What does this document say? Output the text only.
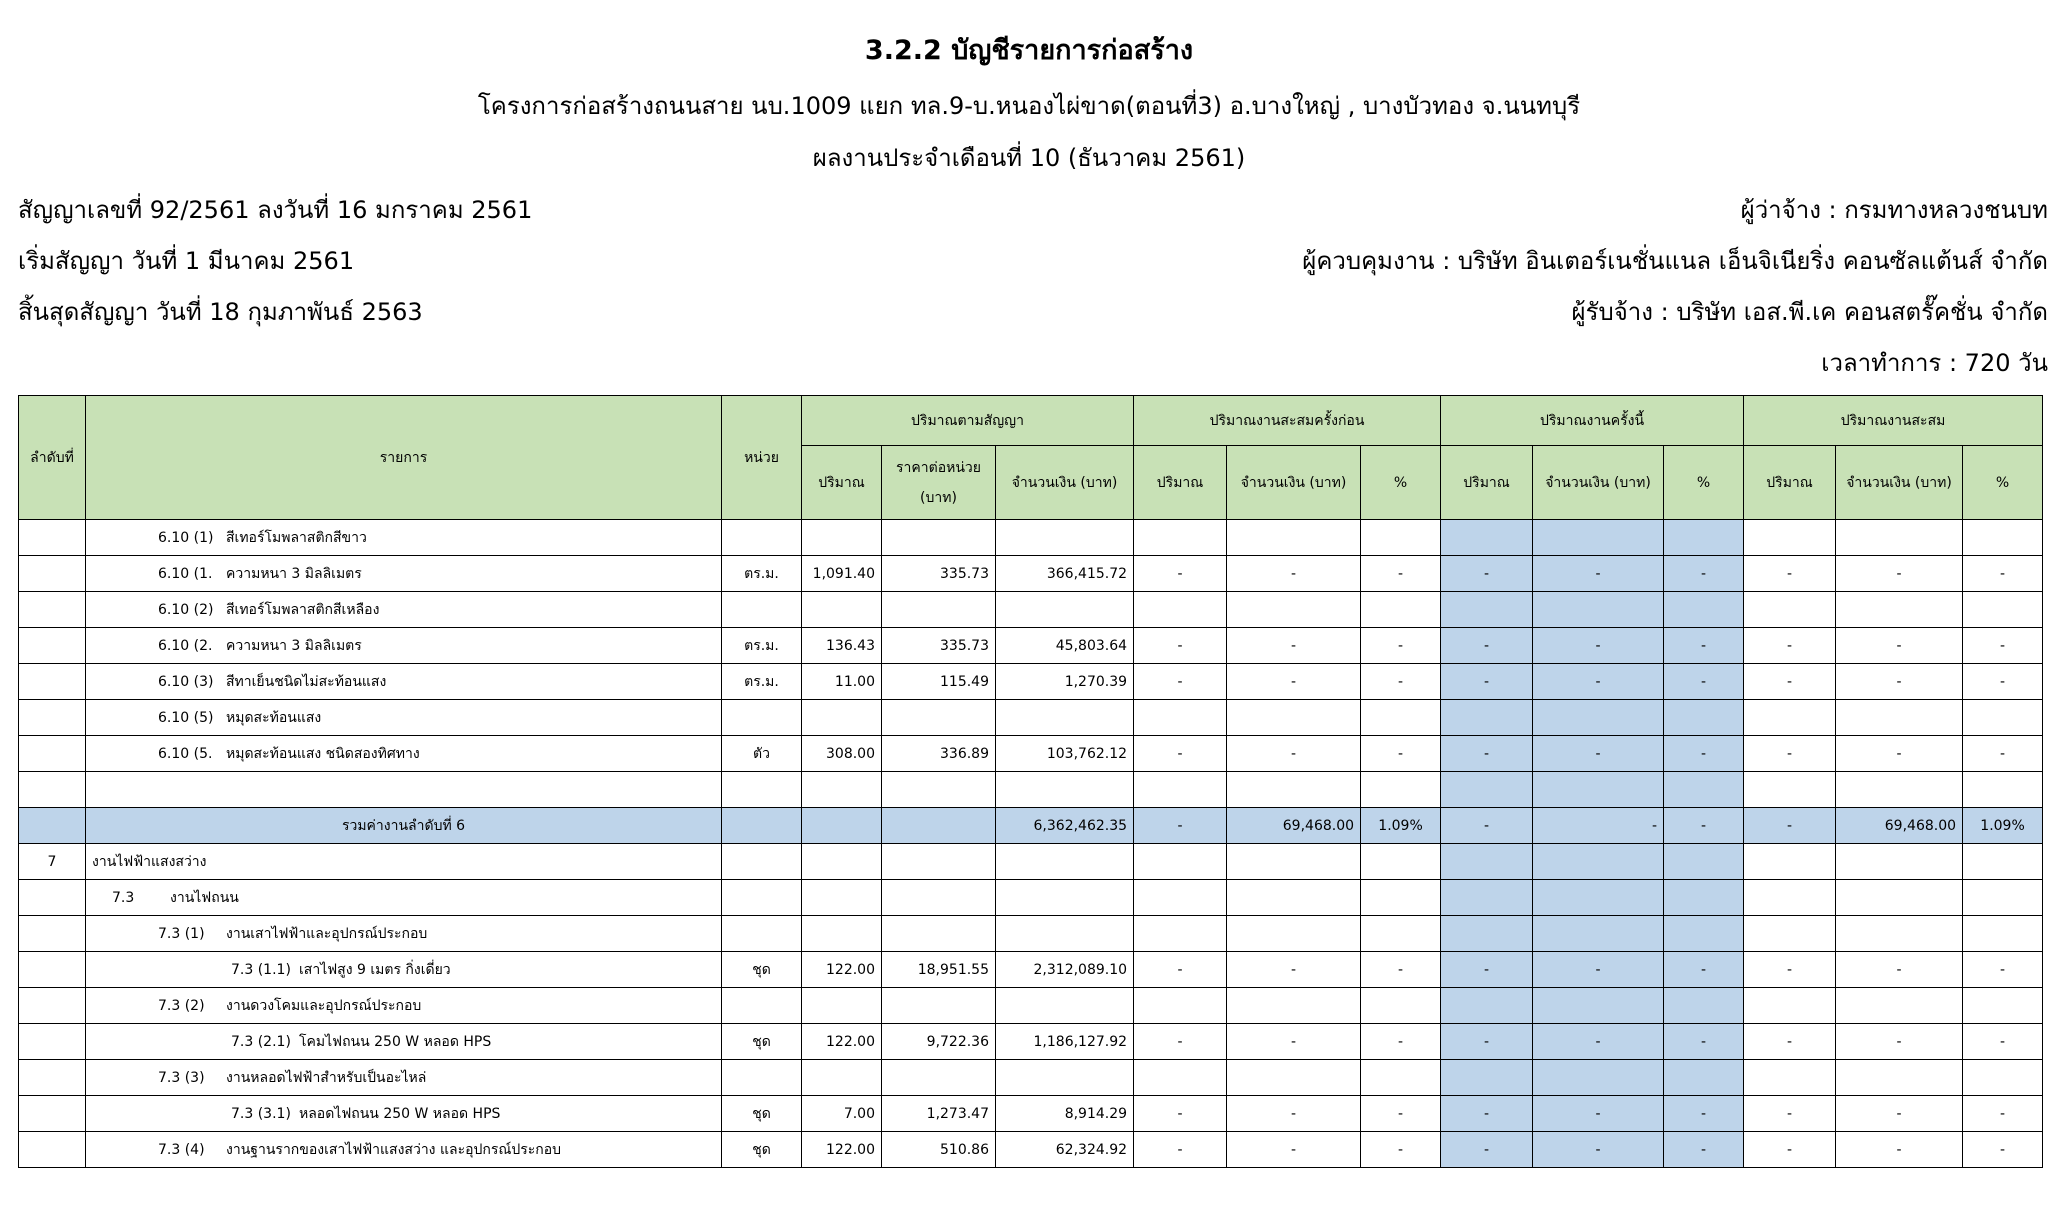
3.2.2 บัญชีรายการก่อสร้าง
โครงการก่อสร้างถนนสาย นบ.1009 แยก ทล.9-บ.หนองไผ่ขาด(ตอนที่3) อ.บางใหญ่ , บางบัวทอง จ.นนทบุรี
ผลงานประจำเดือนที่ 10 (ธันวาคม 2561)
สัญญาเลขที่ 92/2561 ลงวันที่ 16 มกราคม 2561
เริ่มสัญญา วันที่ 1 มีนาคม 2561
สิ้นสุดสัญญา วันที่ 18 กุมภาพันธ์ 2563
ผู้ว่าจ้าง : กรมทางหลวงชนบท
ผู้ควบคุมงาน : บริษัท อินเตอร์เนชั่นแนล เอ็นจิเนียริ่ง คอนซัลแต้นส์ จำกัด
ผู้รับจ้าง : บริษัท เอส.พี.เค คอนสตรั๊คชั่น จำกัด
เวลาทำการ : 720 วัน
ลำดับที่	รายการ	หน่วย	ปริมาณตามสัญญา			ปริมาณงานสะสมครั้งก่อน			ปริมาณงานครั้งนี้			ปริมาณงานสะสม		
			ปริมาณ	ราคาต่อหน่วย (บาท)	จำนวนเงิน (บาท)	ปริมาณ	จำนวนเงิน (บาท)	%	ปริมาณ	จำนวนเงิน (บาท)	%	ปริมาณ	จำนวนเงิน (บาท)	%
	6.10 (1) สีเทอร์โมพลาสติกสีขาว													
	6.10 (1. ความหนา 3 มิลลิเมตร	ตร.ม.	1,091.40	335.73	366,415.72	-	-	-	-	-	-	-	-	-
	6.10 (2) สีเทอร์โมพลาสติกสีเหลือง													
	6.10 (2. ความหนา 3 มิลลิเมตร	ตร.ม.	136.43	335.73	45,803.64	-	-	-	-	-	-	-	-	-
	6.10 (3) สีทาเย็นชนิดไม่สะท้อนแสง	ตร.ม.	11.00	115.49	1,270.39	-	-	-	-	-	-	-	-	-
	6.10 (5) หมุดสะท้อนแสง													
	6.10 (5. หมุดสะท้อนแสง ชนิดสองทิศทาง	ตัว	308.00	336.89	103,762.12	-	-	-	-	-	-	-	-	-

	รวมค่างานลำดับที่ 6				6,362,462.35	-	69,468.00	1.09%	-	-	-	-	69,468.00	1.09%
7	งานไฟฟ้าแสงสว่าง													
	7.3 งานไฟถนน													
	7.3 (1) งานเสาไฟฟ้าและอุปกรณ์ประกอบ													
	7.3 (1.1) เสาไฟสูง 9 เมตร กิ่งเดี่ยว	ชุด	122.00	18,951.55	2,312,089.10	-	-	-	-	-	-	-	-	-
	7.3 (2) งานดวงโคมและอุปกรณ์ประกอบ													
	7.3 (2.1) โคมไฟถนน 250 W หลอด HPS	ชุด	122.00	9,722.36	1,186,127.92	-	-	-	-	-	-	-	-	-
	7.3 (3) งานหลอดไฟฟ้าสำหรับเป็นอะไหล่													
	7.3 (3.1) หลอดไฟถนน 250 W หลอด HPS	ชุด	7.00	1,273.47	8,914.29	-	-	-	-	-	-	-	-	-
	7.3 (4) งานฐานรากของเสาไฟฟ้าแสงสว่าง และอุปกรณ์ประกอบ	ชุด	122.00	510.86	62,324.92	-	-	-	-	-	-	-	-	-
